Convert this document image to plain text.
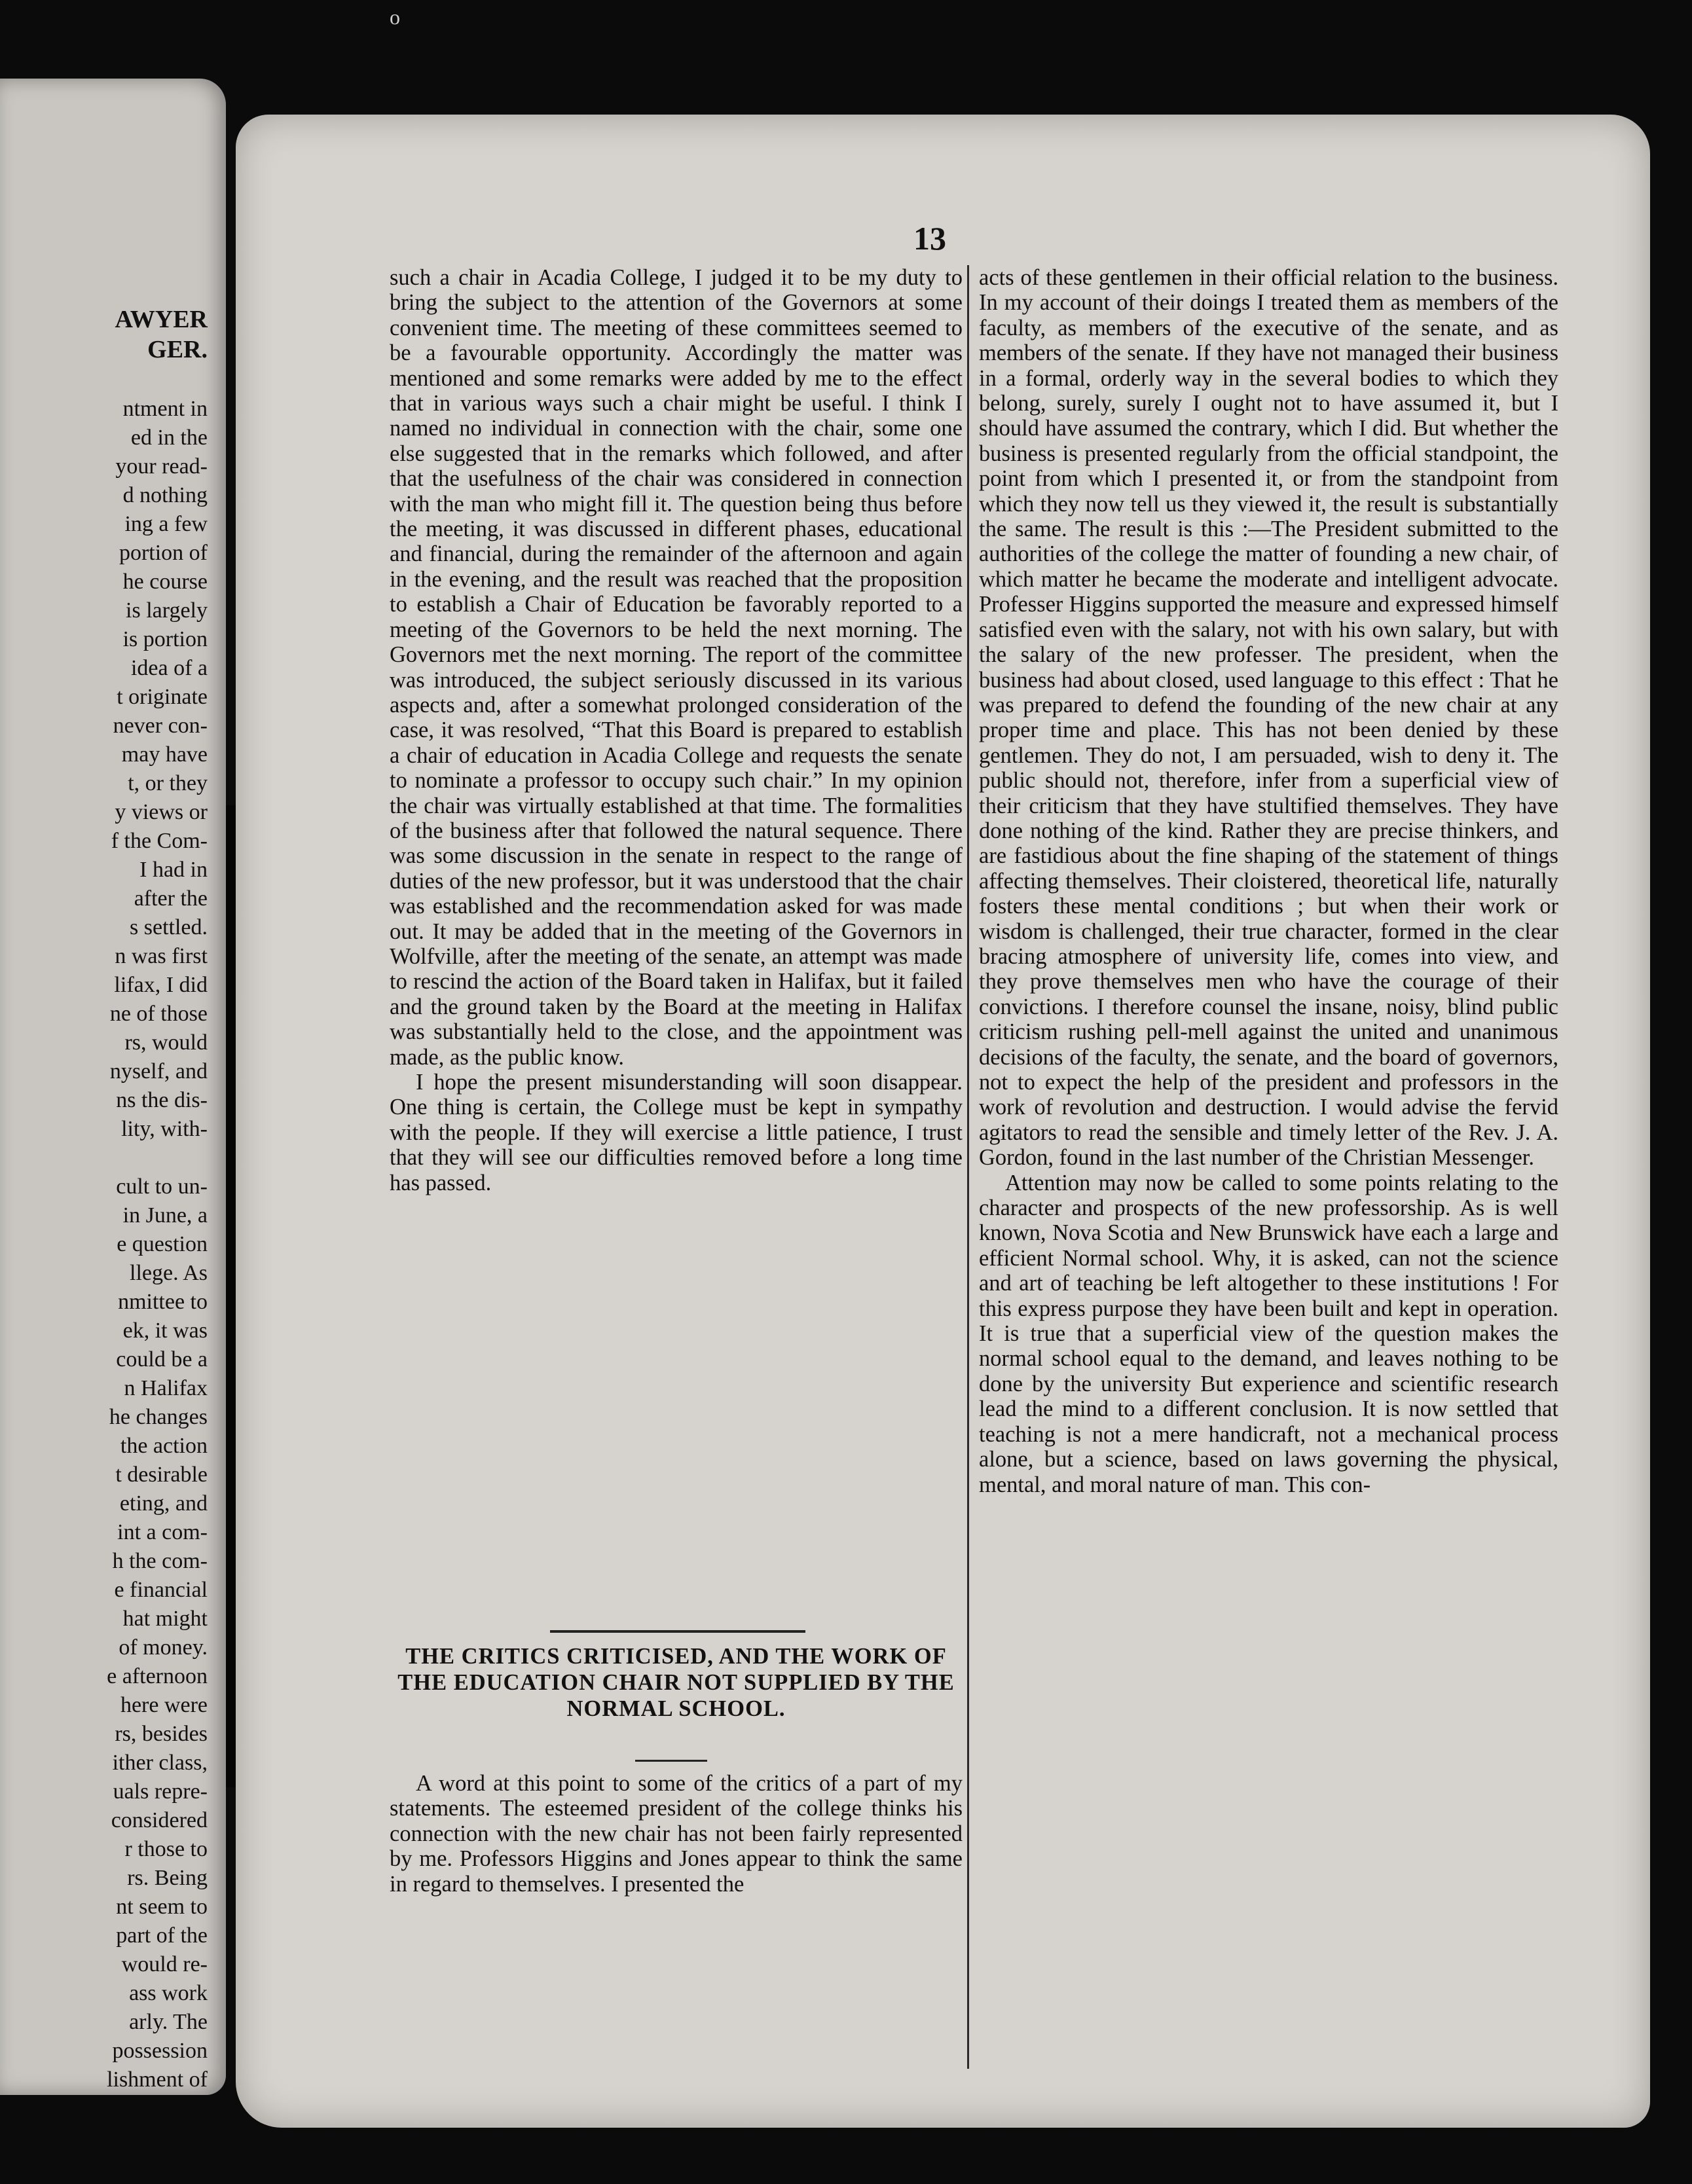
o
AWYER
GER.
ntment in
ed in the
your read-
d nothing
ing a few
portion of
he course
is largely
is portion
idea of a
t originate
never con-
may have
t, or they
y views or
f the Com-
I had in
after the
s settled.
n was first
lifax, I did
ne of those
rs, would
nyself, and
ns the dis-
lity, with-
cult to un-
in June, a
e question
llege. As
nmittee to
ek, it was
could be a
n Halifax
he changes
the action
t desirable
eting, and
int a com-
h the com-
e financial
hat might
of money.
e afternoon
here were
rs, besides
ither class,
uals repre-
considered
r those to
rs. Being
nt seem to
part of the
would re-
ass work
arly. The
possession
lishment of
13

such a chair in Acadia College, I judged it to be my duty to bring the subject to the attention of the Governors at some convenient time. The meeting of these committees seemed to be a favourable opportunity. Accordingly the matter was mentioned and some remarks were added by me to the effect that in various ways such a chair might be useful. I think I named no individual in connection with the chair, some one else suggested that in the remarks which followed, and after that the usefulness of the chair was considered in connection with the man who might fill it. The question being thus before the meeting, it was discussed in different phases, educational and financial, during the remainder of the afternoon and again in the evening, and the result was reached that the proposition to establish a Chair of Education be favorably reported to a meeting of the Governors to be held the next morning. The Governors met the next morning. The report of the committee was introduced, the subject seriously discussed in its various aspects and, after a somewhat prolonged consideration of the case, it was resolved, “That this Board is prepared to establish a chair of education in Acadia College and requests the senate to nominate a professor to occupy such chair.” In my opinion the chair was virtually established at that time. The formalities of the business after that followed the natural sequence. There was some discussion in the senate in respect to the range of duties of the new professor, but it was understood that the chair was established and the recommendation asked for was made out. It may be added that in the meeting of the Governors in Wolfville, after the meeting of the senate, an attempt was made to rescind the action of the Board taken in Halifax, but it failed and the ground taken by the Board at the meeting in Halifax was substantially held to the close, and the appointment was made, as the public know.

I hope the present misunderstanding will soon disappear. One thing is certain, the College must be kept in sympathy with the people. If they will exercise a little patience, I trust that they will see our difficulties removed before a long time has passed.

THE CRITICS CRITICISED, AND THE WORK OF THE EDUCATION CHAIR NOT SUPPLIED BY THE NORMAL SCHOOL.

A word at this point to some of the critics of a part of my statements. The esteemed president of the college thinks his connection with the new chair has not been fairly represented by me. Professors Higgins and Jones appear to think the same in regard to themselves. I presented the

acts of these gentlemen in their official relation to the business. In my account of their doings I treated them as members of the faculty, as members of the executive of the senate, and as members of the senate. If they have not managed their business in a formal, orderly way in the several bodies to which they belong, surely, surely I ought not to have assumed it, but I should have assumed the contrary, which I did. But whether the business is presented regularly from the official standpoint, the point from which I presented it, or from the standpoint from which they now tell us they viewed it, the result is substantially the same. The result is this :—The President submitted to the authorities of the college the matter of founding a new chair, of which matter he became the moderate and intelligent advocate. Professer Higgins supported the measure and expressed himself satisfied even with the salary, not with his own salary, but with the salary of the new professer. The president, when the business had about closed, used language to this effect : That he was prepared to defend the founding of the new chair at any proper time and place. This has not been denied by these gentlemen. They do not, I am persuaded, wish to deny it. The public should not, therefore, infer from a superficial view of their criticism that they have stultified themselves. They have done nothing of the kind. Rather they are precise thinkers, and are fastidious about the fine shaping of the statement of things affecting themselves. Their cloistered, theoretical life, naturally fosters these mental conditions ; but when their work or wisdom is challenged, their true character, formed in the clear bracing atmosphere of university life, comes into view, and they prove themselves men who have the courage of their convictions. I therefore counsel the insane, noisy, blind public criticism rushing pell-mell against the united and unanimous decisions of the faculty, the senate, and the board of governors, not to expect the help of the president and professors in the work of revolution and destruction. I would advise the fervid agitators to read the sensible and timely letter of the Rev. J. A. Gordon, found in the last number of the Christian Messenger.

Attention may now be called to some points relating to the character and prospects of the new professorship. As is well known, Nova Scotia and New Brunswick have each a large and efficient Normal school. Why, it is asked, can not the science and art of teaching be left altogether to these institutions ! For this express purpose they have been built and kept in operation. It is true that a superficial view of the question makes the normal school equal to the demand, and leaves nothing to be done by the university But experience and scientific research lead the mind to a different conclusion. It is now settled that teaching is not a mere handicraft, not a mechanical process alone, but a science, based on laws governing the physical, mental, and moral nature of man. This con-
